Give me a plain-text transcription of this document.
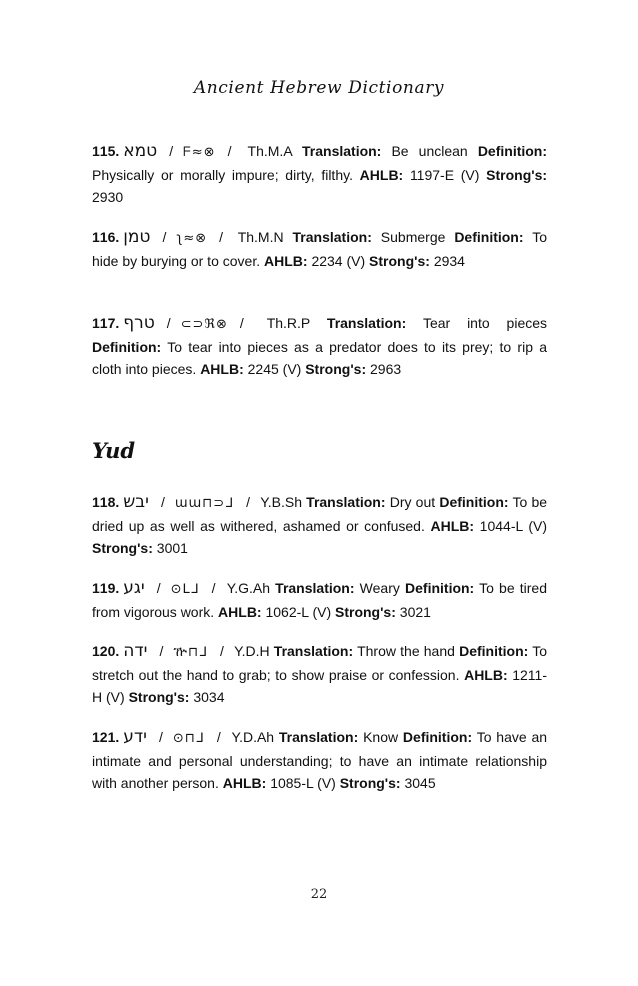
Ancient Hebrew Dictionary

115. טמא / ᖴ≈⊗ / Th.M.A Translation: Be unclean Definition: Physically or morally impure; dirty, filthy. AHLB: 1197-E (V) Strong's: 2930

116. טמן / ʅ≈⊗ / Th.M.N Translation: Submerge Definition: To hide by burying or to cover. AHLB: 2234 (V) Strong's: 2934

117. טרף / ⊂⊃ℜ⊗ / Th.R.P Translation: Tear into pieces Definition: To tear into pieces as a predator does to its prey; to rip a cloth into pieces. AHLB: 2245 (V) Strong's: 2963

118. יבש / ɯɯ⊓⊃ᒧ / Y.B.Sh Translation: Dry out Definition: To be dried up as well as withered, ashamed or confused. AHLB: 1044-L (V) Strong's: 3001

119. יגע / ⊙ᒪᒧ / Y.G.Ah Translation: Weary Definition: To be tired from vigorous work. AHLB: 1062-L (V) Strong's: 3021

120. ידה / ዅ⊓ᒧ / Y.D.H Translation: Throw the hand Definition: To stretch out the hand to grab; to show praise or confession. AHLB: 1211-H (V) Strong's: 3034

121. ידע / ⊙⊓ᒧ / Y.D.Ah Translation: Know Definition: To have an intimate and personal understanding; to have an intimate relationship with another person. AHLB: 1085-L (V) Strong's: 3045

Yud
22
